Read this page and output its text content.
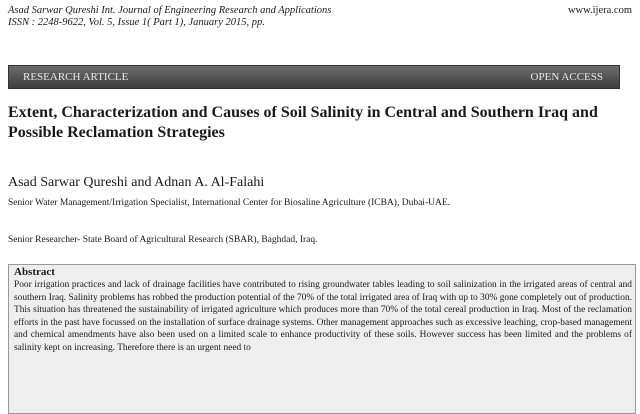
Asad Sarwar Qureshi Int. Journal of Engineering Research and Applications
ISSN : 2248-9622, Vol. 5, Issue 1( Part 1), January 2015, pp.
www.ijera.com
RESEARCH ARTICLE	OPEN ACCESS
Extent, Characterization and Causes of Soil Salinity in Central and Southern Iraq and Possible Reclamation Strategies
Asad Sarwar Qureshi and Adnan A. Al-Falahi
Senior Water Management/Irrigation Specialist, International Center for Biosaline Agriculture (ICBA), Dubai-UAE.
Senior Researcher- State Board of Agricultural Research (SBAR), Baghdad, Iraq.
Abstract
Poor irrigation practices and lack of drainage facilities have contributed to rising groundwater tables leading to soil salinization in the irrigated areas of central and southern Iraq. Salinity problems has robbed the production potential of the 70% of the total irrigated area of Iraq with up to 30% gone completely out of production. This situation has threatened the sustainability of irrigated agriculture which produces more than 70% of the total cereal production in Iraq. Most of the reclamation efforts in the past have focussed on the installation of surface drainage systems. Other management approaches such as excessive leaching, crop-based management and chemical amendments have also been used on a limited scale to enhance productivity of these soils. However success has been limited and the problems of salinity kept on increasing. Therefore there is an urgent need to
